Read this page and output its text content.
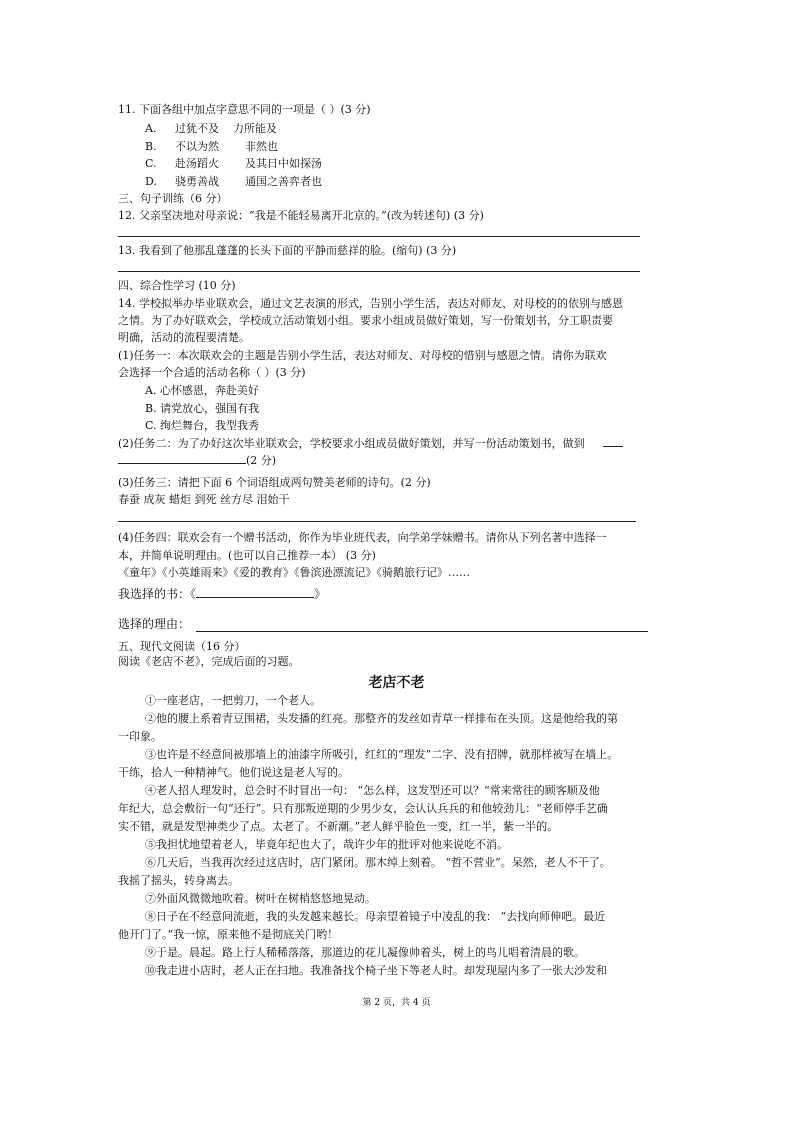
11. 下面各组中加点字意思不同的一项是（ ）(3 分)
A. 过犹不及 力所能及
B. 不以为然 非然也
C. 赴汤蹈火 及其日中如探汤
D. 骁勇善战 通国之善弈者也
三、句子训练（6 分）
12. 父亲坚决地对母亲说：“我是不能轻易离开北京的。”(改为转述句) (3 分)
13. 我看到了他那乱蓬蓬的长头下面的平静而慈祥的脸。(缩句) (3 分)
四、综合性学习 (10 分)
14. 学校拟举办毕业联欢会，通过文艺表演的形式，告别小学生活，表达对师友、对母校的的依别与感恩
之情。为了办好联欢会，学校成立活动策划小组。要求小组成员做好策划，写一份策划书，分工职责要
明确，活动的流程要清楚。
(1)任务一：本次联欢会的主题是告别小学生活，表达对师友、对母校的惜别与感恩之情。请你为联欢
会选择一个合适的活动名称（ ）(3 分)
A. 心怀感恩，奔赴美好
B. 请党放心，强国有我
C. 绚烂舞台，我型我秀
(2)任务二：为了办好这次毕业联欢会，学校要求小组成员做好策划，并写一份活动策划书，做到
(2 分)
(3)任务三：请把下面 6 个词语组成两句赞美老师的诗句。(2 分)
春蚕 成灰 蜡炬 到死 丝方尽 泪始干
(4)任务四：联欢会有一个赠书活动，你作为毕业班代表，向学弟学妹赠书。请你从下列名著中选择一
本，并简单说明理由。(也可以自己推荐一本） (3 分)
《童年》《小英雄雨来》《爱的教育》《鲁滨逊漂流记》《骑鹅旅行记》……
我选择的书：《	》
选择的理由：
五、现代文阅读（16 分）
阅读《老店不老》，完成后面的习题。
老店不老
①一座老店，一把剪刀，一个老人。
②他的腰上系着青豆围裙，头发播的红亮。那整齐的发丝如青草一样排布在头顶。这是他给我的第
一印象。
③也许是不经意间被那墙上的油漆字所吸引，红红的“理发”二字、没有招牌，就那样被写在墙上。
干练，拾人一种精神气。他们说这是老人写的。
④老人招人理发时，总会时不时冒出一句： “怎么样，这发型还可以？”常来常往的顾客顺及他
年纪大，总会敷衍一句“还行”。只有那叛逆期的少男少女，会认认兵兵的和他较劲儿：“老师停手艺确
实不错，就是发型神类少了点。太老了。不新潮。”老人鲜乎脸色一变，红一半，紫一半的。
⑤我担忧地望着老人，毕竟年纪也大了，哉许少年的批评对他来说吃不消。
⑥几天后，当我再次经过这店时，店门紧闭。那木绰上刻着。 “哲不营业”。呆然，老人不干了。
我摇了摇头，转身离去。
⑦外面风微微地吹着。树叶在树梢悠悠地晃动。
⑧日子在不经意间流逝，我的头发越来越长。母亲望着镜子中凌乱的我： “去找向师伸吧。最近
他开门了。”我一惊，原来他不是彻底关门哟！
⑨于是。晨起。路上行人稀稀落落，那道边的花儿凝像帅着头，树上的鸟儿唱着清晨的歌。
⑩我走进小店时，老人正在扫地。我准备找个椅子坐下等老人时。却发现屋内多了一张大沙发和
第 2 页，共 4 页
